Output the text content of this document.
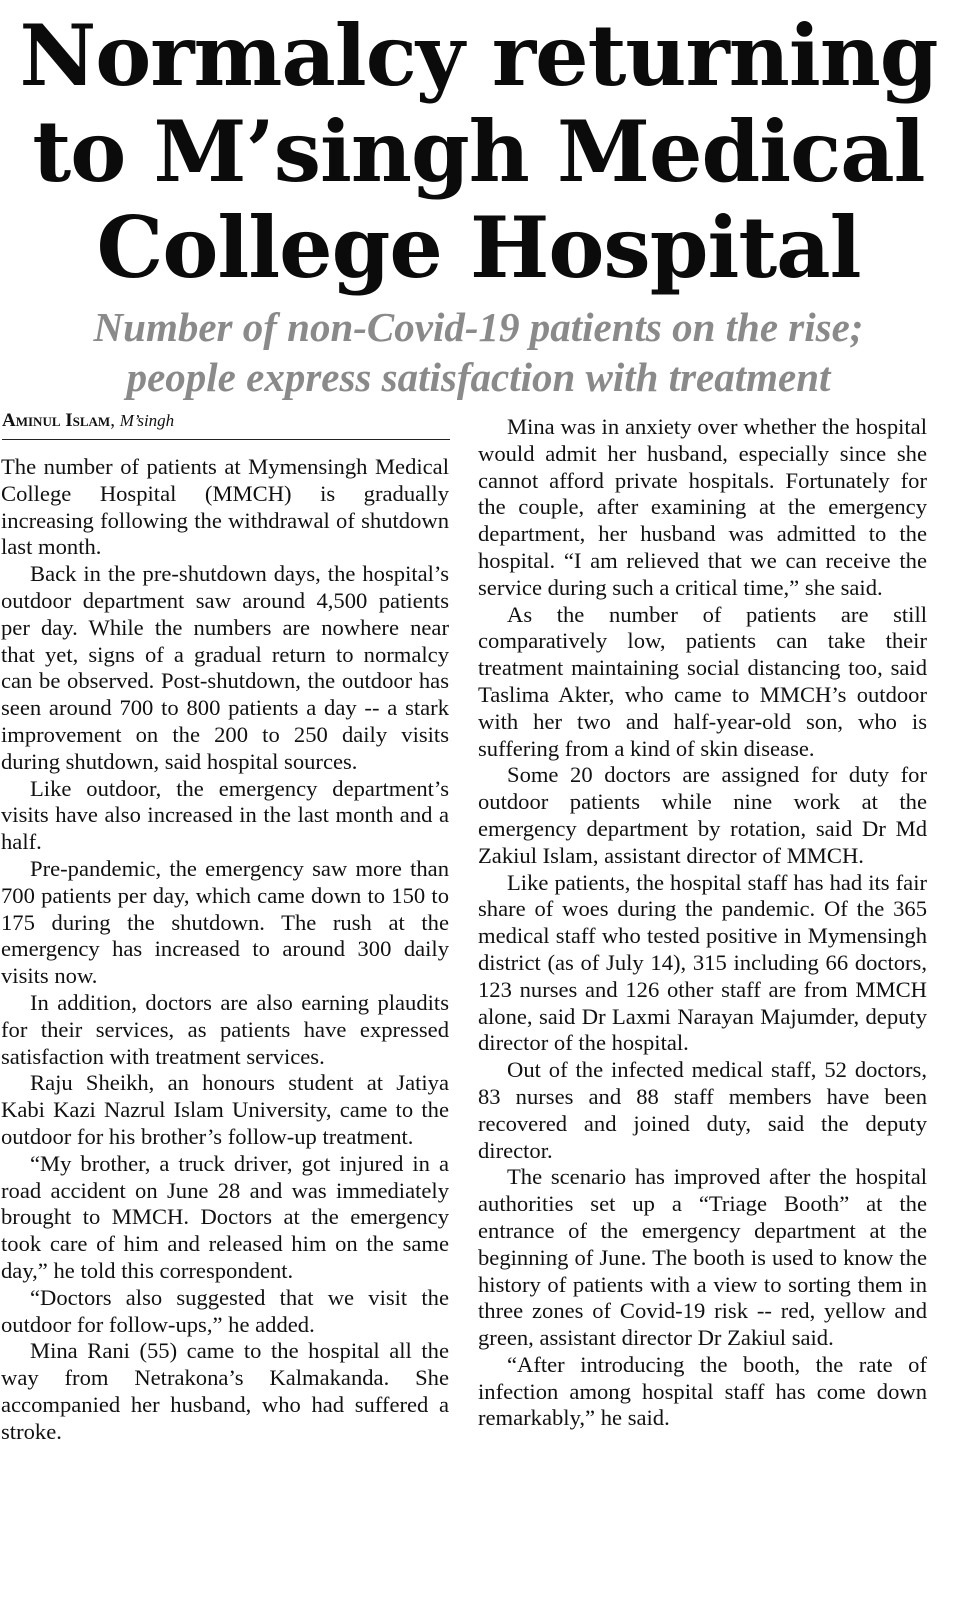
Normalcy returning
to M’singh Medical
College Hospital
Number of non-Covid-19 patients on the rise;
people express satisfaction with treatment
Aminul Islam, M’singh

The number of patients at Mymensingh Medical College Hospital (MMCH) is gradually increasing following the withdrawal of shutdown last month.

Back in the pre-shutdown days, the hospital’s outdoor department saw around 4,500 patients per day. While the numbers are nowhere near that yet, signs of a gradual return to normalcy can be observed. Post-shutdown, the outdoor has seen around 700 to 800 patients a day -- a stark improvement on the 200 to 250 daily visits during shutdown, said hospital sources.

Like outdoor, the emergency department’s visits have also increased in the last month and a half.

Pre-pandemic, the emergency saw more than 700 patients per day, which came down to 150 to 175 during the shutdown. The rush at the emergency has increased to around 300 daily visits now.

In addition, doctors are also earning plaudits for their services, as patients have expressed satisfaction with treatment services.

Raju Sheikh, an honours student at Jatiya Kabi Kazi Nazrul Islam University, came to the outdoor for his brother’s follow-up treatment.

“My brother, a truck driver, got injured in a road accident on June 28 and was immediately brought to MMCH. Doctors at the emergency took care of him and released him on the same day,” he told this correspondent.

“Doctors also suggested that we visit the outdoor for follow-ups,” he added.

Mina Rani (55) came to the hospital all the way from Netrakona’s Kalmakanda. She accompanied her husband, who had suffered a stroke.

Mina was in anxiety over whether the hospital would admit her husband, especially since she cannot afford private hospitals. Fortunately for the couple, after examining at the emergency department, her husband was admitted to the hospital. “I am relieved that we can receive the service during such a critical time,” she said.

As the number of patients are still comparatively low, patients can take their treatment maintaining social distancing too, said Taslima Akter, who came to MMCH’s outdoor with her two and half-year-old son, who is suffering from a kind of skin disease.

Some 20 doctors are assigned for duty for outdoor patients while nine work at the emergency department by rotation, said Dr Md Zakiul Islam, assistant director of MMCH.

Like patients, the hospital staff has had its fair share of woes during the pandemic. Of the 365 medical staff who tested positive in Mymensingh district (as of July 14), 315 including 66 doctors, 123 nurses and 126 other staff are from MMCH alone, said Dr Laxmi Narayan Majumder, deputy director of the hospital.

Out of the infected medical staff, 52 doctors, 83 nurses and 88 staff members have been recovered and joined duty, said the deputy director.

The scenario has improved after the hospital authorities set up a “Triage Booth” at the entrance of the emergency department at the beginning of June. The booth is used to know the history of patients with a view to sorting them in three zones of Covid-19 risk -- red, yellow and green, assistant director Dr Zakiul said.

“After introducing the booth, the rate of infection among hospital staff has come down remarkably,” he said.
